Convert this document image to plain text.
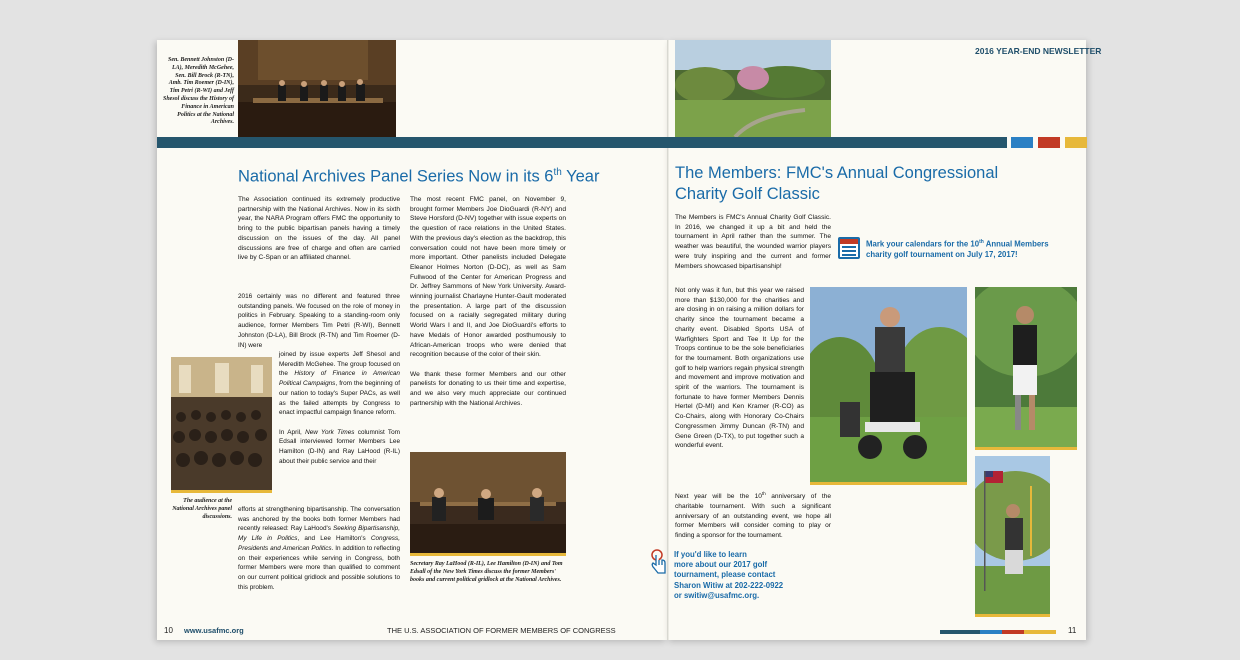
2016 YEAR-END NEWSLETTER
Sen. Bennett Johnston (D-LA), Meredith McGehee, Sen. Bill Brock (R-TN), Amb. Tim Roemer (D-IN), Tim Petri (R-WI) and Jeff Shesol discuss the History of Finance in American Politics at the National Archives.
National Archives Panel Series Now in its 6th Year

The Association continued its extremely productive partnership with the National Archives. Now in its sixth year, the NARA Program offers FMC the opportunity to bring to the public bipartisan panels having a timely discussion on the issues of the day. All panel discussions are free of charge and often are carried live by C-Span or an affiliated channel.

2016 certainly was no different and featured three outstanding panels. We focused on the role of money in politics in February. Speaking to a standing-room only audience, former Members Tim Petri (R-WI), Bennett Johnston (D-LA), Bill Brock (R-TN) and Tim Roemer (D-IN) were

joined by issue experts Jeff Shesol and Meredith McGehee. The group focused on the History of Finance in American Political Campaigns, from the beginning of our nation to today's Super PACs, as well as the failed attempts by Congress to enact impactful campaign finance reform.
In April, New York Times columnist Tom Edsall interviewed former Members Lee Hamilton (D-IN) and Ray LaHood (R-IL) about their public service and their
efforts at strengthening bipartisanship. The conversation was anchored by the books both former Members had recently released: Ray LaHood's Seeking Bipartisanship, My Life in Politics, and Lee Hamilton's Congress, Presidents and American Politics. In addition to reflecting on their experiences while serving in Congress, both former Members were more than qualified to comment on our current political gridlock and possible solutions to this problem.
The audience at the National Archives panel discussions.

The most recent FMC panel, on November 9, brought former Members Joe DioGuardi (R-NY) and Steve Horsford (D-NV) together with issue experts on the question of race relations in the United States. With the previous day's election as the backdrop, this conversation could not have been more timely or more important. Other panelists included Delegate Eleanor Holmes Norton (D-DC), as well as Sam Fullwood of the Center for American Progress and Dr. Jeffrey Sammons of New York University. Award-winning journalist Charlayne Hunter-Gault moderated the presentation. A large part of the discussion focused on a racially segregated military during World Wars I and II, and Joe DioGuardi's efforts to have Medals of Honor awarded posthumously to African-American troops who were denied that recognition because of the color of their skin.

We thank these former Members and our other panelists for donating to us their time and expertise, and we also very much appreciate our continued partnership with the National Archives.

Secretary Ray LaHood (R-IL), Lee Hamilton (D-IN) and Tom Edsall of the New York Times discuss the former Members' books and current political gridlock at the National Archives.
10 www.usafmc.org	THE U.S. ASSOCIATION OF FORMER MEMBERS OF CONGRESS
The Members: FMC's Annual Congressional
Charity Golf Classic
The Members is FMC's Annual Charity Golf Classic. In 2016, we changed it up a bit and held the tournament in April rather than the summer. The weather was beautiful, the wounded warrior players were truly inspiring and the current and former Members showcased bipartisanship!
Mark your calendars for the 10th Annual Members charity golf tournament on July 17, 2017!
Not only was it fun, but this year we raised more than $130,000 for the charities and are closing in on raising a million dollars for charity since the tournament became a charity event. Disabled Sports USA of Warfighters Sport and Tee It Up for the Troops continue to be the sole beneficiaries for the tournament. Both organizations use golf to help warriors regain physical strength and movement and improve motivation and spirit of the warriors. The tournament is fortunate to have former Members Dennis Hertel (D-MI) and Ken Kramer (R-CO) as Co-Chairs, along with Honorary Co-Chairs Congressmen Jimmy Duncan (R-TN) and Gene Green (D-TX), to put together such a wonderful event.
Next year will be the 10th anniversary of the charitable tournament. With such a significant anniversary of an outstanding event, we hope all former Members will consider coming to play or finding a sponsor for the tournament.
If you'd like to learn
more about our 2017 golf
tournament, please contact
Sharon Witiw at 202-222-0922
or switiw@usafmc.org.
11
